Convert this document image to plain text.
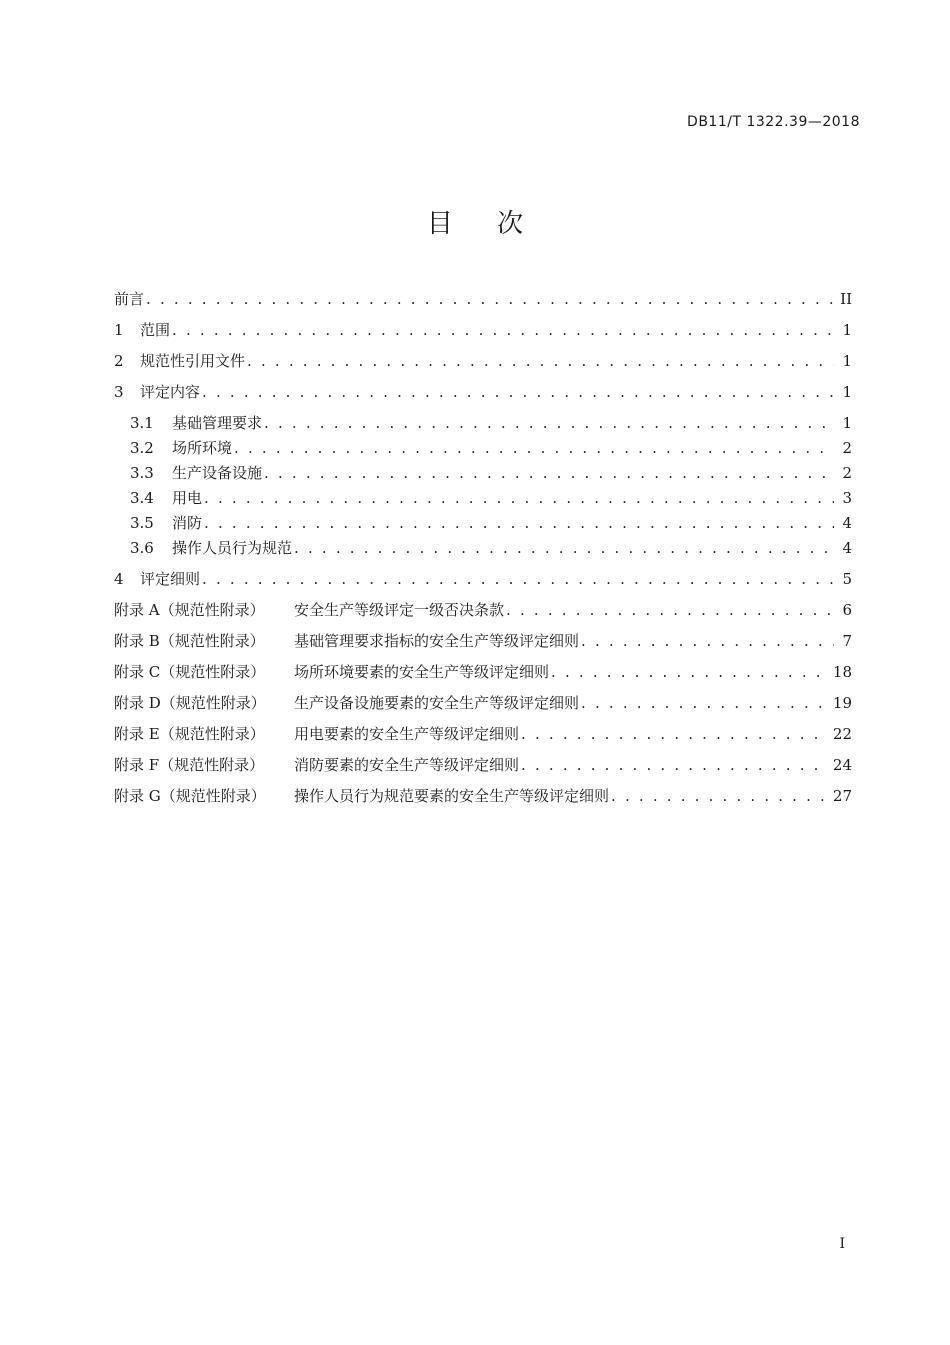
DB11/T 1322.39—2018
目 次
前言 . . .	II
1	范围 . . .	1
2	规范性引用文件 . . .	1
3	评定内容 . . .	1
3.1	基础管理要求 . . .	1
3.2	场所环境 . . .	2
3.3	生产设备设施 . . .	2
3.4	用电 . . .	3
3.5	消防 . . .	4
3.6	操作人员行为规范 . . .	4
4	评定细则 . . .	5
附录 A（规范性附录）	安全生产等级评定一级否决条款 . . .	6
附录 B（规范性附录）	基础管理要求指标的安全生产等级评定细则 . . .	7
附录 C（规范性附录）	场所环境要素的安全生产等级评定细则 . . .	18
附录 D（规范性附录）	生产设备设施要素的安全生产等级评定细则 . . .	19
附录 E（规范性附录）	用电要素的安全生产等级评定细则 . . .	22
附录 F（规范性附录）	消防要素的安全生产等级评定细则 . . .	24
附录 G（规范性附录）	操作人员行为规范要素的安全生产等级评定细则 . . .	27
I
